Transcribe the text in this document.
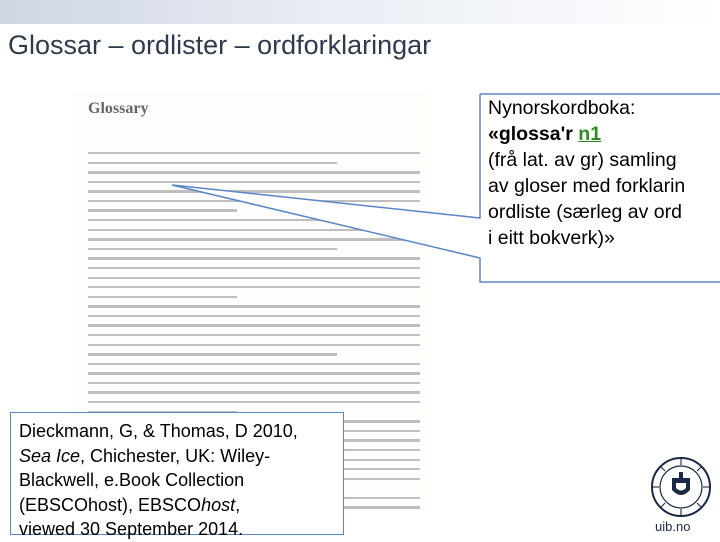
Glossar – ordlister – ordforklaringar
Glossary	Nynorskordboka:
«glossa'r n1
(frå lat. av gr) samling
av gloser med forklarin
ordliste (særleg av ord
i eitt bokverk)»
Dieckmann, G, & Thomas, D 2010,
Sea Ice, Chichester, UK: Wiley-
Blackwell, e.Book Collection
(EBSCOhost), EBSCOhost,
viewed 30 September 2014.	uib.no
